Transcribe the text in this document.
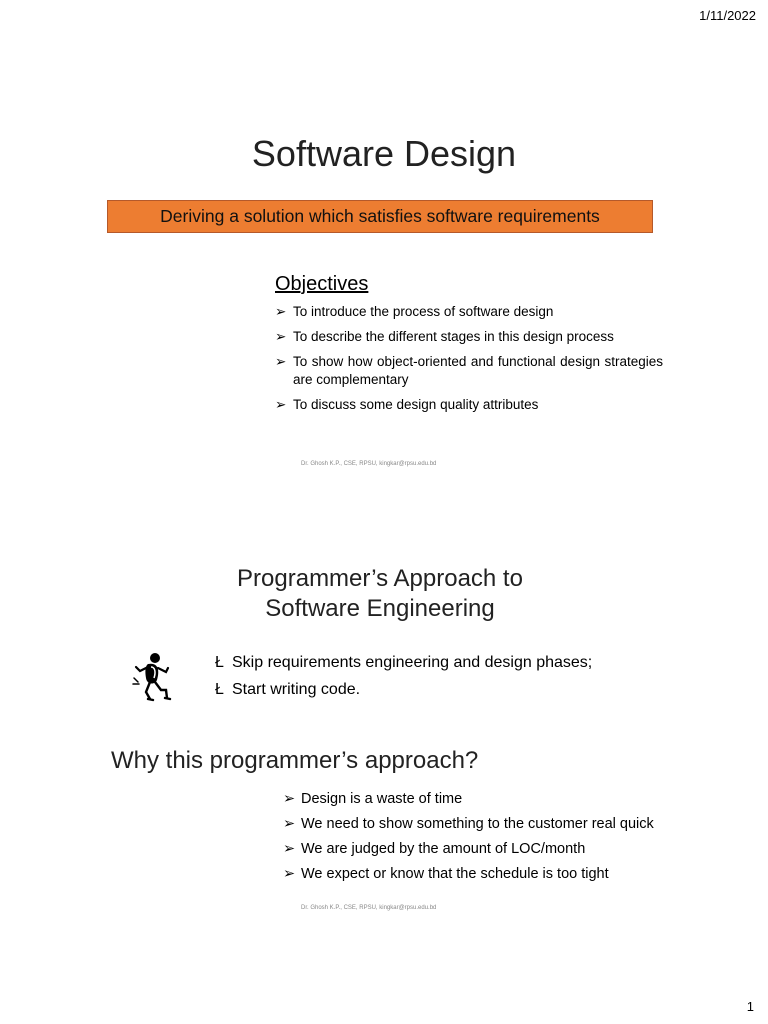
1/11/2022
Software Design
Deriving a solution which satisfies software requirements
Objectives
➢ To introduce the process of software design
➢ To describe the different stages in this design process
➢ To show how object-oriented and functional design strategies are complementary
➢ To discuss some design quality attributes
Dr. Ghosh K.P., CSE, RPSU, kingkar@rpsu.edu.bd
Programmer’s Approach to
Software Engineering
Ł Skip requirements engineering and design phases;
Ł Start writing code.
Why this programmer’s approach?
➢ Design is a waste of time
➢ We need to show something to the customer real quick
➢ We are judged by the amount of LOC/month
➢ We expect or know that the schedule is too tight
Dr. Ghosh K.P., CSE, RPSU, kingkar@rpsu.edu.bd
1
